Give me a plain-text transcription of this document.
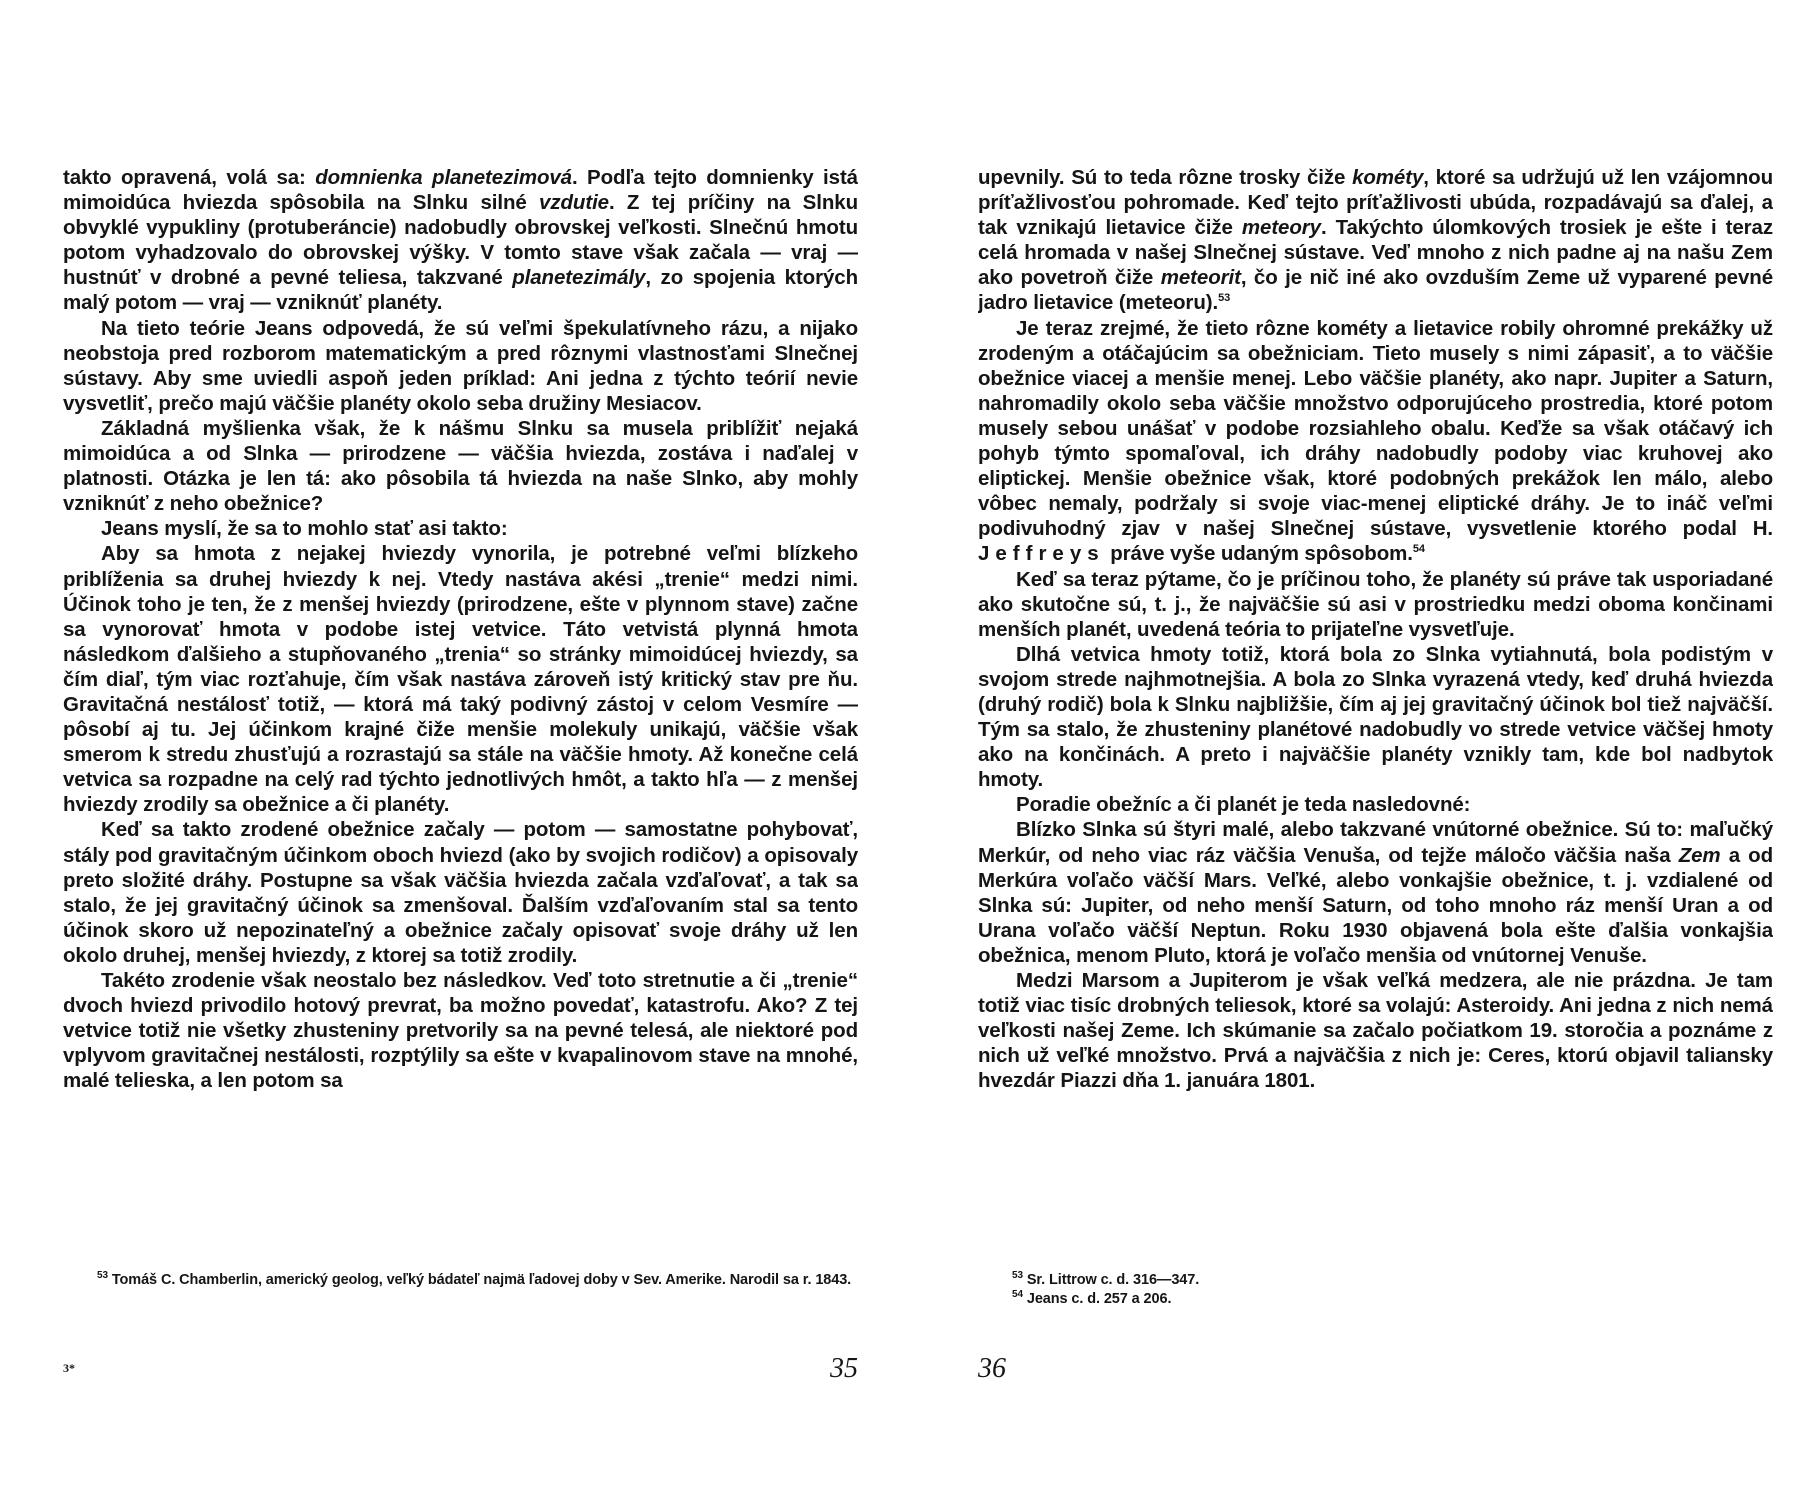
takto opravená, volá sa: domnienka planetezimová. Podľa tejto domnienky istá mimoidúca hviezda spôsobila na Slnku silné vzdutie. Z tej príčiny na Slnku obvyklé vypukliny (protuberáncie) nadobudly obrovskej veľkosti. Slnečnú hmotu potom vyhadzovalo do obrovskej výšky. V tomto stave však začala — vraj — hustnúť v drobné a pevné teliesa, takzvané planetezimály, zo spojenia ktorých malý potom — vraj — vzniknúť planéty.

Na tieto teórie Jeans odpovedá, že sú veľmi špekulatívneho rázu, a nijako neobstoja pred rozborom matematickým a pred rôznymi vlastnosťami Slnečnej sústavy. Aby sme uviedli aspoň jeden príklad: Ani jedna z týchto teórií nevie vysvetliť, prečo majú väčšie planéty okolo seba družiny Mesiacov.

Základná myšlienka však, že k nášmu Slnku sa musela priblížiť nejaká mimoidúca a od Slnka — prirodzene — väčšia hviezda, zostáva i naďalej v platnosti. Otázka je len tá: ako pôsobila tá hviezda na naše Slnko, aby mohly vzniknúť z neho obežnice?

Jeans myslí, že sa to mohlo stať asi takto:

Aby sa hmota z nejakej hviezdy vynorila, je potrebné veľmi blízkeho priblíženia sa druhej hviezdy k nej. Vtedy nastáva akési „trenie“ medzi nimi. Účinok toho je ten, že z menšej hviezdy (prirodzene, ešte v plynnom stave) začne sa vynorovať hmota v podobe istej vetvice. Táto vetvistá plynná hmota následkom ďalšieho a stupňovaného „trenia“ so stránky mimoidúcej hviezdy, sa čím diaľ, tým viac rozťahuje, čím však nastáva zároveň istý kritický stav pre ňu. Gravitačná nestálosť totiž, — ktorá má taký podivný zástoj v celom Vesmíre — pôsobí aj tu. Jej účinkom krajné čiže menšie molekuly unikajú, väčšie však smerom k stredu zhusťujú a rozrastajú sa stále na väčšie hmoty. Až konečne celá vetvica sa rozpadne na celý rad týchto jednotlivých hmôt, a takto hľa — z menšej hviezdy zrodily sa obežnice a či planéty.

Keď sa takto zrodené obežnice začaly — potom — samostatne pohybovať, stály pod gravitačným účinkom oboch hviezd (ako by svojich rodičov) a opisovaly preto složité dráhy. Postupne sa však väčšia hviezda začala vzďaľovať, a tak sa stalo, že jej gravitačný účinok sa zmenšoval. Ďalším vzďaľovaním stal sa tento účinok skoro už nepozinateľný a obežnice začaly opisovať svoje dráhy už len okolo druhej, menšej hviezdy, z ktorej sa totiž zrodily.

Takéto zrodenie však neostalo bez následkov. Veď toto stretnutie a či „trenie“ dvoch hviezd privodilo hotový prevrat, ba možno povedať, katastrofu. Ako? Z tej vetvice totiž nie všetky zhusteniny pretvorily sa na pevné telesá, ale niektoré pod vplyvom gravitačnej nestálosti, rozptýlily sa ešte v kvapalinovom stave na mnohé, malé telieska, a len potom sa

$^{53}$ Tomáš C. Chamberlin, americký geolog, veľký bádateľ najmä ľadovej doby v Sev. Amerike. Narodil sa r. 1843.

3*	35

upevnily. Sú to teda rôzne trosky čiže kométy, ktoré sa udržujú už len vzájomnou príťažlivosťou pohromade. Keď tejto príťažlivosti ubúda, rozpadávajú sa ďalej, a tak vznikajú lietavice čiže meteory. Takýchto úlomkových trosiek je ešte i teraz celá hromada v našej Slnečnej sústave. Veď mnoho z nich padne aj na našu Zem ako povetroň čiže meteorit, čo je nič iné ako ovzduším Zeme už vyparené pevné jadro lietavice (meteoru).$^{53}$

Je teraz zrejmé, že tieto rôzne kométy a lietavice robily ohromné prekážky už zrodeným a otáčajúcim sa obežniciam. Tieto musely s nimi zápasiť, a to väčšie obežnice viacej a menšie menej. Lebo väčšie planéty, ako napr. Jupiter a Saturn, nahromadily okolo seba väčšie množstvo odporujúceho prostredia, ktoré potom musely sebou unášať v podobe rozsiahleho obalu. Keďže sa však otáčavý ich pohyb týmto spomaľoval, ich dráhy nadobudly podoby viac kruhovej ako eliptickej. Menšie obežnice však, ktoré podobných prekážok len málo, alebo vôbec nemaly, podržaly si svoje viac-menej eliptické dráhy. Je to ináč veľmi podivuhodný zjav v našej Slnečnej sústave, vysvetlenie ktorého podal H. Jeffreys práve vyše udaným spôsobom.$^{54}$

Keď sa teraz pýtame, čo je príčinou toho, že planéty sú práve tak usporiadané ako skutočne sú, t. j., že najväčšie sú asi v prostriedku medzi oboma končinami menších planét, uvedená teória to prijateľne vysvetľuje.

Dlhá vetvica hmoty totiž, ktorá bola zo Slnka vytiahnutá, bola podistým v svojom strede najhmotnejšia. A bola zo Slnka vyrazená vtedy, keď druhá hviezda (druhý rodič) bola k Slnku najbližšie, čím aj jej gravitačný účinok bol tiež najväčší. Tým sa stalo, že zhusteniny planétové nadobudly vo strede vetvice väčšej hmoty ako na končinách. A preto i najväčšie planéty vznikly tam, kde bol nadbytok hmoty.

Poradie obežníc a či planét je teda nasledovné:

Blízko Slnka sú štyri malé, alebo takzvané vnútorné obežnice. Sú to: maľučký Merkúr, od neho viac ráz väčšia Venuša, od tejže máločo väčšia naša Zem a od Merkúra voľačo väčší Mars. Veľké, alebo vonkajšie obežnice, t. j. vzdialené od Slnka sú: Jupiter, od neho menší Saturn, od toho mnoho ráz menší Uran a od Urana voľačo väčší Neptun. Roku 1930 objavená bola ešte ďalšia vonkajšia obežnica, menom Pluto, ktorá je voľačo menšia od vnútornej Venuše.

Medzi Marsom a Jupiterom je však veľká medzera, ale nie prázdna. Je tam totiž viac tisíc drobných teliesok, ktoré sa volajú: Asteroidy. Ani jedna z nich nemá veľkosti našej Zeme. Ich skúmanie sa začalo počiatkom 19. storočia a poznáme z nich už veľké množstvo. Prvá a najväčšia z nich je: Ceres, ktorú objavil taliansky hvezdár Piazzi dňa 1. januára 1801.

$^{53}$ Sr. Littrow c. d. 316—347.

$^{54}$ Jeans c. d. 257 a 206.

36
